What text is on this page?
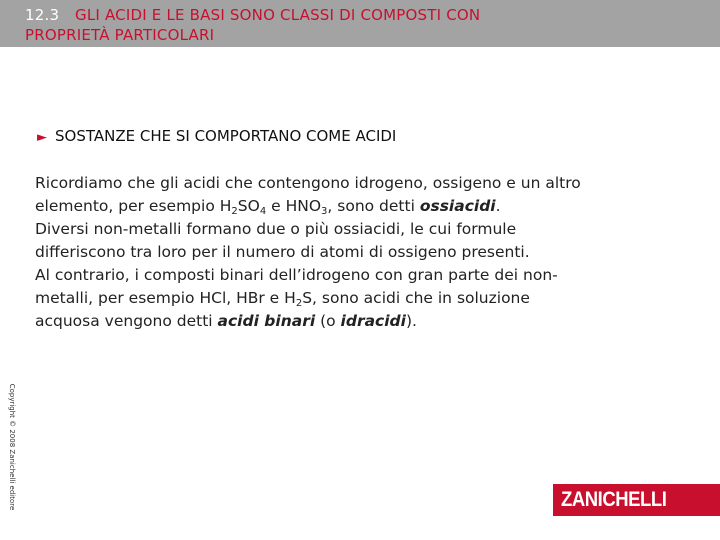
12.3 GLI ACIDI E LE BASI SONO CLASSI DI COMPOSTI CON
PROPRIETÀ PARTICOLARI
► SOSTANZE CHE SI COMPORTANO COME ACIDI
Ricordiamo che gli acidi che contengono idrogeno, ossigeno e un altro
elemento, per esempio $H_2SO_4$ e $HNO_3$, sono detti ossiacidi.
Diversi non-metalli formano due o più ossiacidi, le cui formule
differiscono tra loro per il numero di atomi di ossigeno presenti.
Al contrario, i composti binari dell’idrogeno con gran parte dei non-
metalli, per esempio HCl, HBr e $H_2S$, sono acidi che in soluzione
acquosa vengono detti acidi binari (o idracidi).
Copyright © 2008 Zanichelli editore	ZANICHELLI
